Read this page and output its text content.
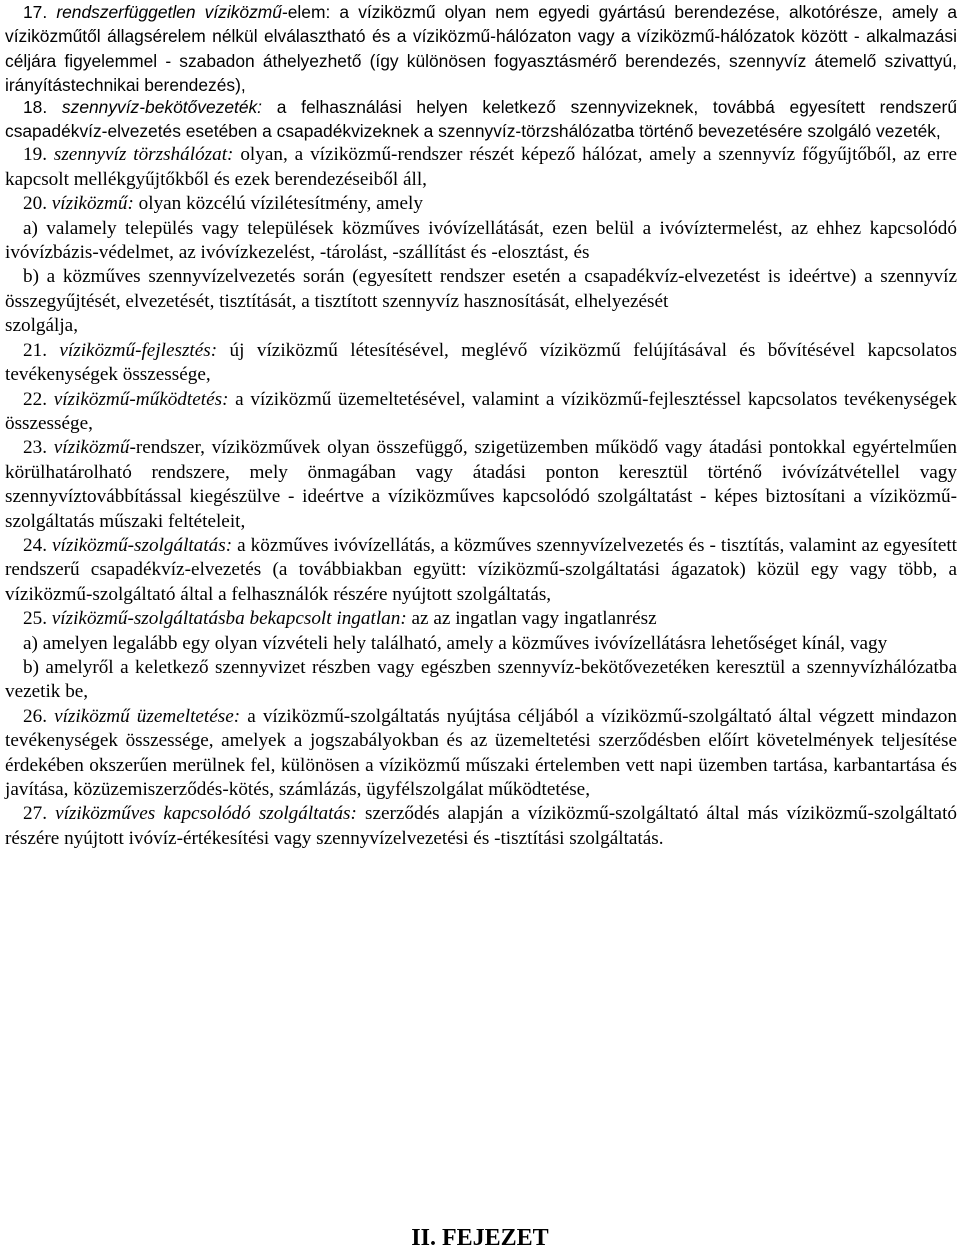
17. rendszerfüggetlen víziközmű-elem: a víziközmű olyan nem egyedi gyártású berendezése, alkotórésze, amely a víziközműtől állagsérelem nélkül elválasztható és a víziközmű-hálózaton vagy a víziközmű-hálózatok között - alkalmazási céljára figyelemmel - szabadon áthelyezhető (így különösen fogyasztásmérő berendezés, szennyvíz átemelő szivattyú, irányítástechnikai berendezés),

18. szennyvíz-bekötővezeték: a felhasználási helyen keletkező szennyvizeknek, továbbá egyesített rendszerű csapadékvíz-elvezetés esetében a csapadékvizeknek a szennyvíz-törzshálózatba történő bevezetésére szolgáló vezeték,

19. szennyvíz törzshálózat: olyan, a víziközmű-rendszer részét képező hálózat, amely a szennyvíz főgyűjtőből, az erre kapcsolt mellékgyűjtőkből és ezek berendezéseiből áll,

20. víziközmű: olyan közcélú vízilétesítmény, amely

a) valamely település vagy települések közműves ivóvízellátását, ezen belül a ivóvíztermelést, az ehhez kapcsolódó ivóvízbázis-védelmet, az ivóvízkezelést, -tárolást, -szállítást és -elosztást, és

b) a közműves szennyvízelvezetés során (egyesített rendszer esetén a csapadékvíz-elvezetést is ideértve) a szennyvíz összegyűjtését, elvezetését, tisztítását, a tisztított szennyvíz hasznosítását, elhelyezését

szolgálja,

21. víziközmű-fejlesztés: új víziközmű létesítésével, meglévő víziközmű felújításával és bővítésével kapcsolatos tevékenységek összessége,

22. víziközmű-működtetés: a víziközmű üzemeltetésével, valamint a víziközmű-fejlesztéssel kapcsolatos tevékenységek összessége,

23. víziközmű-rendszer, víziközművek olyan összefüggő, szigetüzemben működő vagy átadási pontokkal egyértelműen körülhatárolható rendszere, mely önmagában vagy átadási ponton keresztül történő ivóvízátvétellel vagy szennyvíztovábbítással kiegészülve - ideértve a víziközműves kapcsolódó szolgáltatást - képes biztosítani a víziközmű-szolgáltatás műszaki feltételeit,

24. víziközmű-szolgáltatás: a közműves ivóvízellátás, a közműves szennyvízelvezetés és - tisztítás, valamint az egyesített rendszerű csapadékvíz-elvezetés (a továbbiakban együtt: víziközmű-szolgáltatási ágazatok) közül egy vagy több, a víziközmű-szolgáltató által a felhasználók részére nyújtott szolgáltatás,

25. víziközmű-szolgáltatásba bekapcsolt ingatlan: az az ingatlan vagy ingatlanrész

a) amelyen legalább egy olyan vízvételi hely található, amely a közműves ivóvízellátásra lehetőséget kínál, vagy

b) amelyről a keletkező szennyvizet részben vagy egészben szennyvíz-bekötővezetéken keresztül a szennyvízhálózatba vezetik be,

26. víziközmű üzemeltetése: a víziközmű-szolgáltatás nyújtása céljából a víziközmű-szolgáltató által végzett mindazon tevékenységek összessége, amelyek a jogszabályokban és az üzemeltetési szerződésben előírt követelmények teljesítése érdekében okszerűen merülnek fel, különösen a víziközmű műszaki értelemben vett napi üzemben tartása, karbantartása és javítása, közüzemiszerződés-kötés, számlázás, ügyfélszolgálat működtetése,

27. víziközműves kapcsolódó szolgáltatás: szerződés alapján a víziközmű-szolgáltató által más víziközmű-szolgáltató részére nyújtott ivóvíz-értékesítési vagy szennyvízelvezetési és -tisztítási szolgáltatás.

II. FEJEZET
